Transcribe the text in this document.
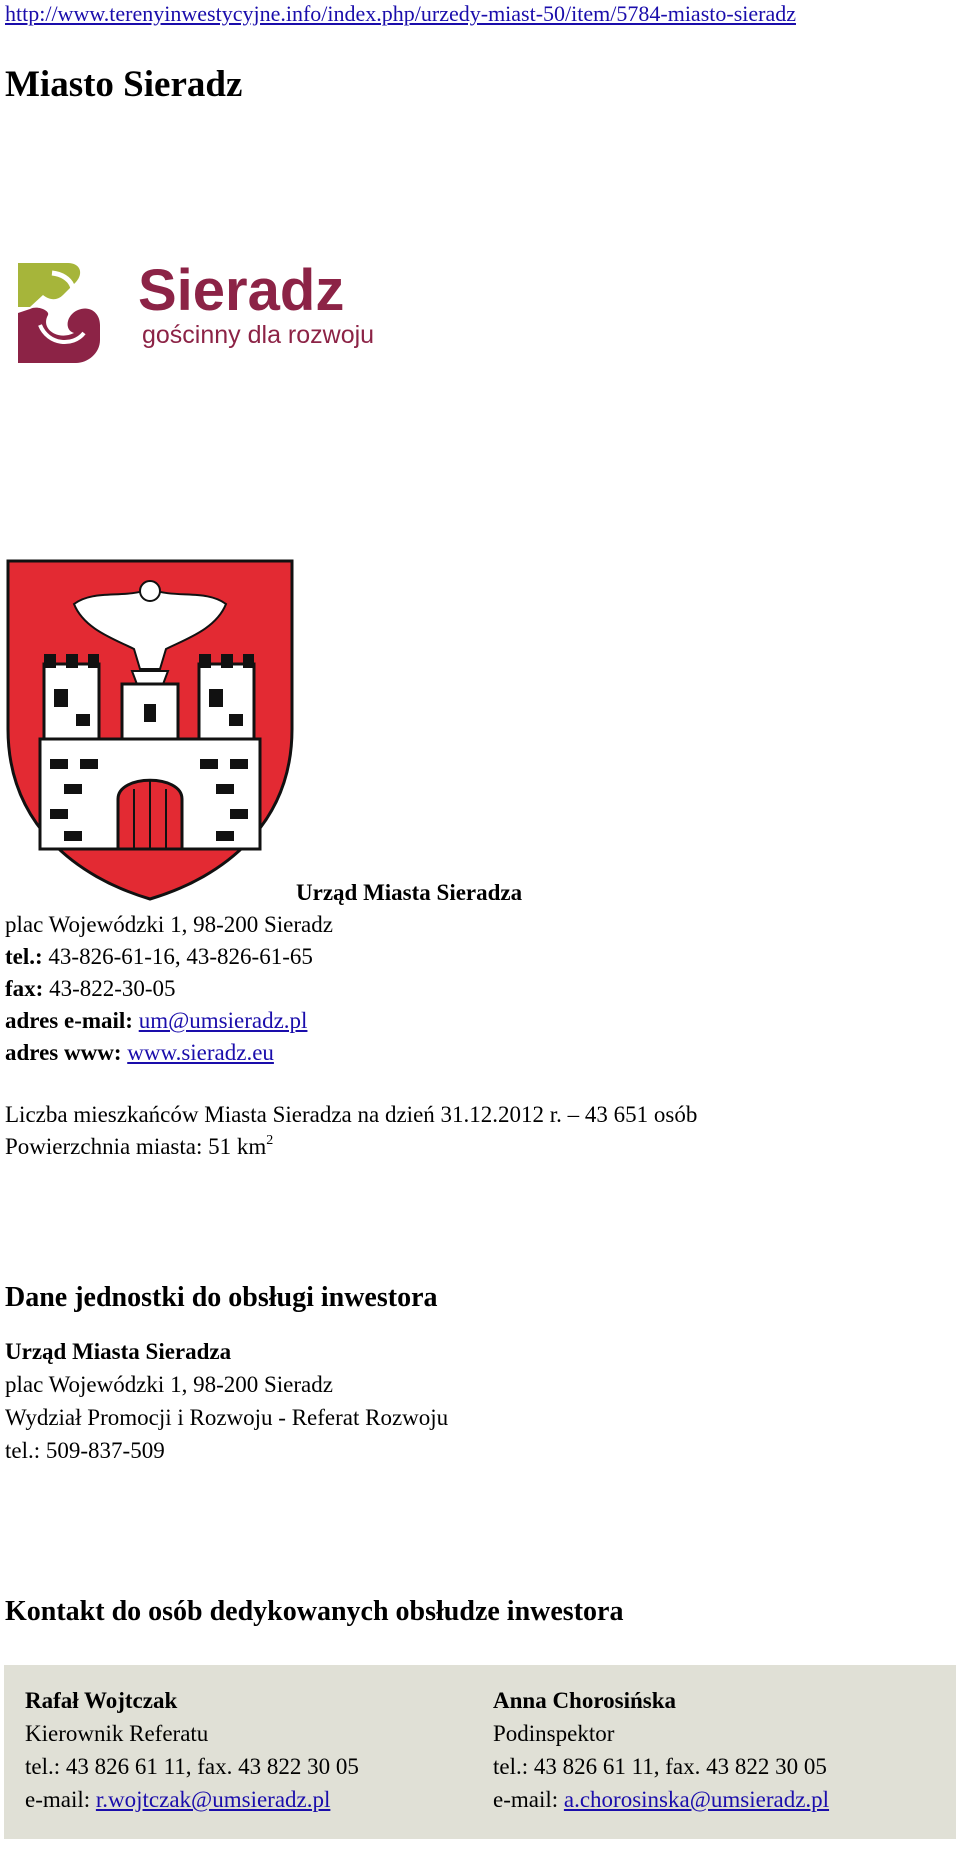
http://www.terenyinwestycyjne.info/index.php/urzedy-miast-50/item/5784-miasto-sieradz
Miasto Sieradz
Sieradz
gościnny dla rozwoju
Urząd Miasta Sieradza
plac Wojewódzki 1, 98-200 Sieradz
tel.: 43-826-61-16, 43-826-61-65
fax: 43-822-30-05
adres e-mail: um@umsieradz.pl
adres www: www.sieradz.eu
Liczba mieszkańców Miasta Sieradza na dzień 31.12.2012 r. – 43 651 osób
Powierzchnia miasta: 51 $km^2$
Dane jednostki do obsługi inwestora
Urząd Miasta Sieradza
plac Wojewódzki 1, 98-200 Sieradz
Wydział Promocji i Rozwoju - Referat Rozwoju
tel.: 509-837-509
Kontakt do osób dedykowanych obsłudze inwestora
Rafał Wojtczak
Kierownik Referatu
tel.: 43 826 61 11, fax. 43 822 30 05
e-mail: r.wojtczak@umsieradz.pl
Anna Chorosińska
Podinspektor
tel.: 43 826 61 11, fax. 43 822 30 05
e-mail: a.chorosinska@umsieradz.pl
